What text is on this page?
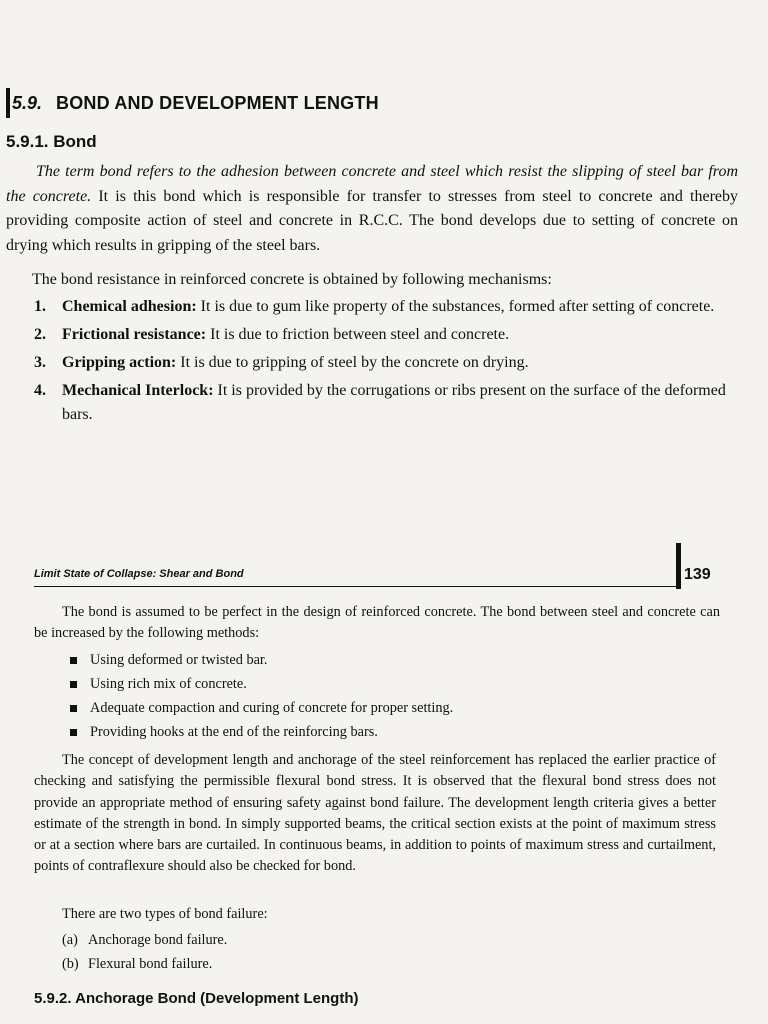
5.9. BOND AND DEVELOPMENT LENGTH
5.9.1. Bond

The term bond refers to the adhesion between concrete and steel which resist the slipping of steel bar from the concrete. It is this bond which is responsible for transfer to stresses from steel to concrete and thereby providing composite action of steel and concrete in R.C.C. The bond develops due to setting of concrete on drying which results in gripping of the steel bars.

The bond resistance in reinforced concrete is obtained by following mechanisms:

1.	Chemical adhesion: It is due to gum like property of the substances, formed after setting of concrete.
2.	Frictional resistance: It is due to friction between steel and concrete.
3.	Gripping action: It is due to gripping of steel by the concrete on drying.
4.	Mechanical Interlock: It is provided by the corrugations or ribs present on the surface of the deformed bars.
Limit State of Collapse: Shear and Bond	139

The bond is assumed to be perfect in the design of reinforced concrete. The bond between steel and concrete can be increased by the following methods:

Using deformed or twisted bar.
Using rich mix of concrete.
Adequate compaction and curing of concrete for proper setting.
Providing hooks at the end of the reinforcing bars.

The concept of development length and anchorage of the steel reinforcement has replaced the earlier practice of checking and satisfying the permissible flexural bond stress. It is observed that the flexural bond stress does not provide an appropriate method of ensuring safety against bond failure. The development length criteria gives a better estimate of the strength in bond. In simply supported beams, the critical section exists at the point of maximum stress or at a section where bars are curtailed. In continuous beams, in addition to points of maximum stress and curtailment, points of contraflexure should also be checked for bond.

There are two types of bond failure:

(a) Anchorage bond failure.
(b) Flexural bond failure.
5.9.2. Anchorage Bond (Development Length)
